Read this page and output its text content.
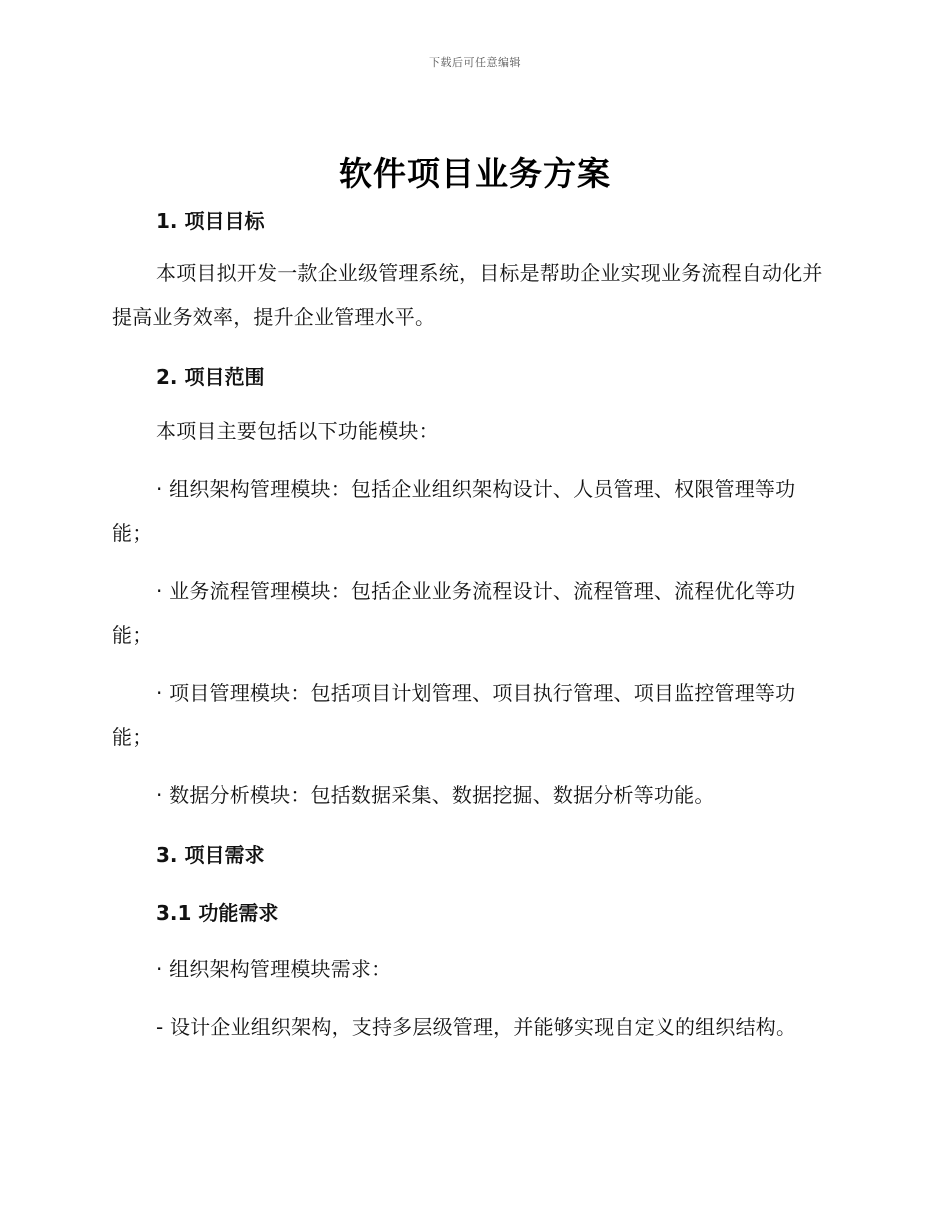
下载后可任意编辑
软件项目业务方案

1. 项目目标

本项目拟开发一款企业级管理系统，目标是帮助企业实现业务流程自动化并提高业务效率，提升企业管理水平。

2. 项目范围

本项目主要包括以下功能模块：

· 组织架构管理模块：包括企业组织架构设计、人员管理、权限管理等功能；

· 业务流程管理模块：包括企业业务流程设计、流程管理、流程优化等功能；

· 项目管理模块：包括项目计划管理、项目执行管理、项目监控管理等功能；

· 数据分析模块：包括数据采集、数据挖掘、数据分析等功能。

3. 项目需求

3.1 功能需求

· 组织架构管理模块需求：

- 设计企业组织架构，支持多层级管理，并能够实现自定义的组织结构。
